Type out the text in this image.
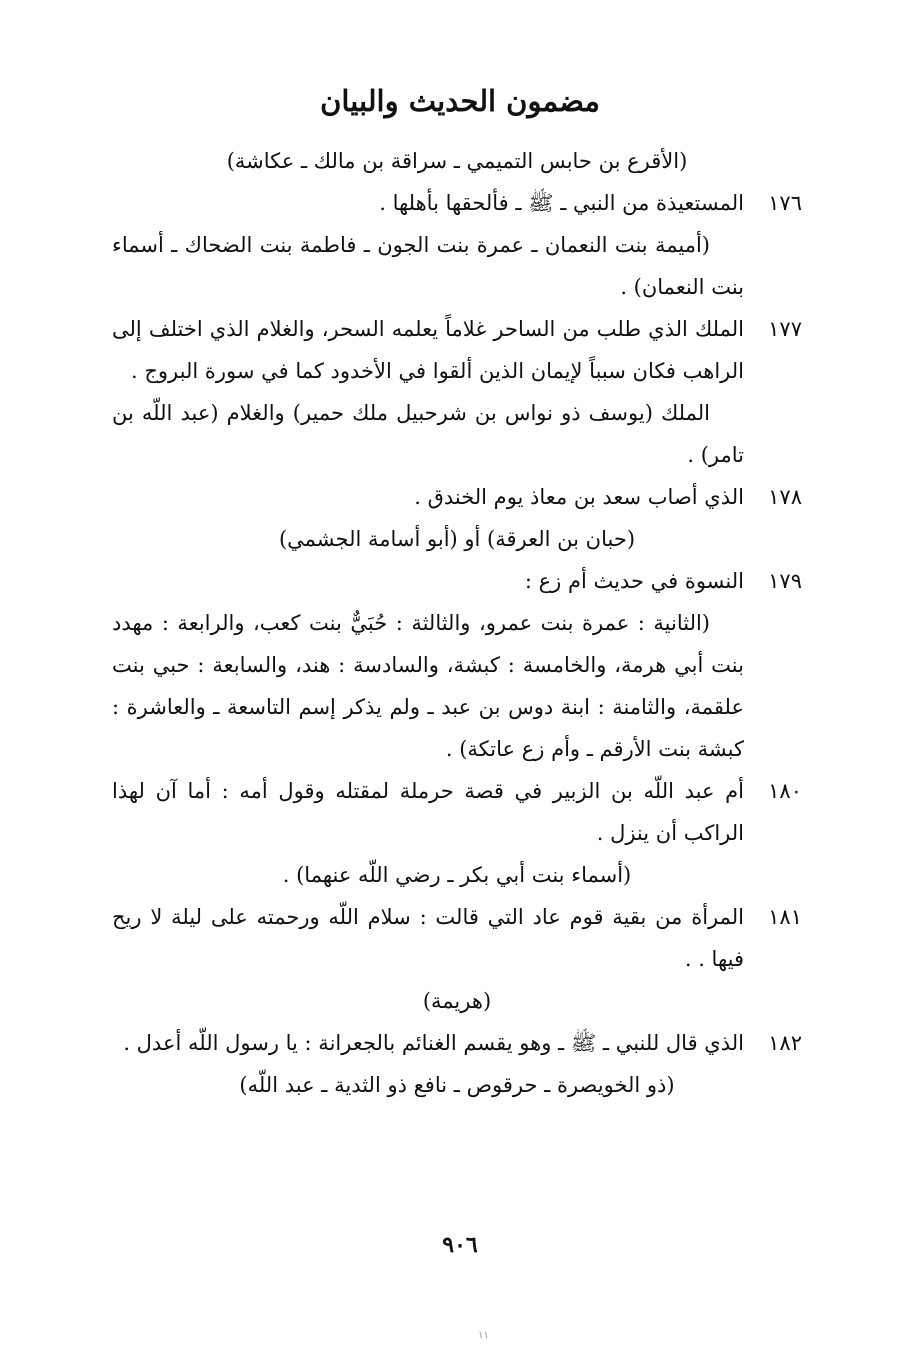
مضمون الحديث والبيان
(الأقرع بن حابس التميمي ـ سراقة بن مالك ـ عكاشة)
١٧٦
المستعيذة من النبي ـ ﷺ ـ فألحقها بأهلها .
(أميمة بنت النعمان ـ عمرة بنت الجون ـ فاطمة بنت الضحاك ـ أسماء بنت النعمان) .
١٧٧
الملك الذي طلب من الساحر غلاماً يعلمه السحر، والغلام الذي اختلف إلى الراهب فكان سبباً لإيمان الذين ألقوا في الأخدود كما في سورة البروج .
الملك (يوسف ذو نواس بن شرحبيل ملك حمير) والغلام (عبد اللّه بن تامر) .
١٧٨
الذي أصاب سعد بن معاذ يوم الخندق .
(حبان بن العرقة) أو (أبو أسامة الجشمي)
١٧٩
النسوة في حديث أم زع :
(الثانية : عمرة بنت عمرو، والثالثة : حُبَيٌّ بنت كعب، والرابعة : مهدد بنت أبي هرمة، والخامسة : كبشة، والسادسة : هند، والسابعة : حبي بنت علقمة، والثامنة : ابنة دوس بن عبد ـ ولم يذكر إسم التاسعة ـ والعاشرة : كبشة بنت الأرقم ـ وأم زع عاتكة) .
١٨٠
أم عبد اللّه بن الزبير في قصة حرملة لمقتله وقول أمه : أما آن لهذا الراكب أن ينزل .
(أسماء بنت أبي بكر ـ رضي اللّه عنهما) .
١٨١
المرأة من بقية قوم عاد التي قالت : سلام اللّه ورحمته على ليلة لا ريح فيها . .
(هريمة)
١٨٢
الذي قال للنبي ـ ﷺ ـ وهو يقسم الغنائم بالجعرانة : يا رسول اللّه أعدل .
(ذو الخويصرة ـ حرقوص ـ نافع ذو الثدية ـ عبد اللّه)
٩٠٦
١١
